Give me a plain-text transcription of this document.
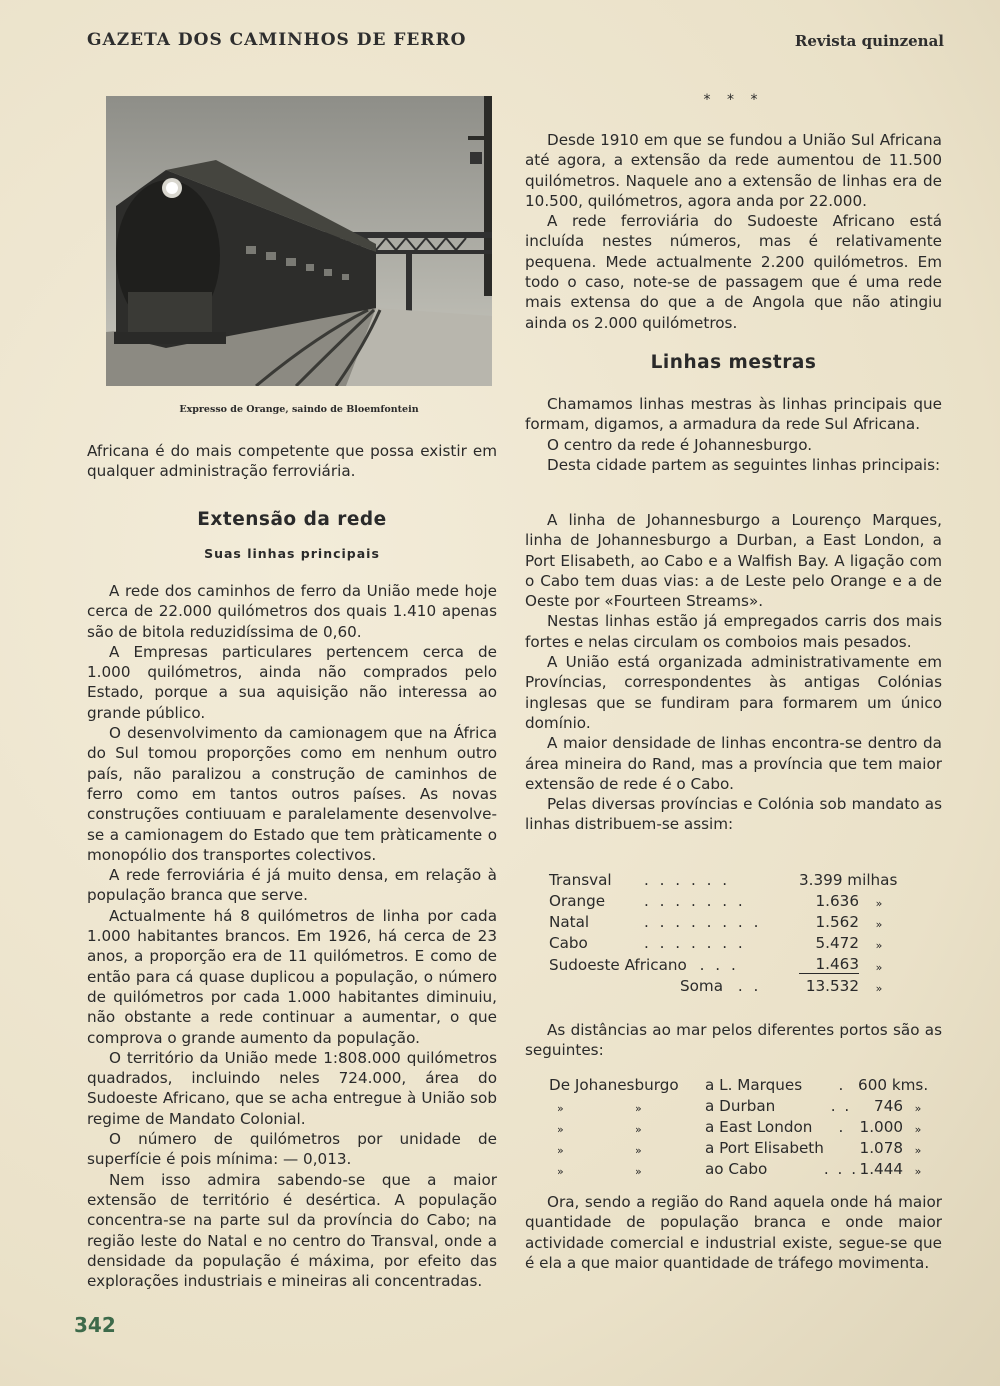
GAZETA DOS CAMINHOS DE FERRO	Revista quinzenal
Expresso de Orange, saindo de Bloemfontein

Africana é do mais competente que possa existir em qualquer administração ferroviária.

Extensão da rede
Suas linhas principais

A rede dos caminhos de ferro da União mede hoje cerca de 22.000 quilómetros dos quais 1.410 apenas são de bitola reduzidíssima de 0,60.

A Empresas particulares pertencem cerca de 1.000 quilómetros, ainda não comprados pelo Estado, porque a sua aquisição não interessa ao grande público.

O desenvolvimento da camionagem que na África do Sul tomou proporções como em nenhum outro país, não paralizou a construção de caminhos de ferro como em tantos outros países. As novas construções contiuuam e paralelamente desenvolve-se a camionagem do Estado que tem pràticamente o monopólio dos transportes colectivos.

A rede ferroviária é já muito densa, em relação à população branca que serve.

Actualmente há 8 quilómetros de linha por cada 1.000 habitantes brancos. Em 1926, há cerca de 23 anos, a proporção era de 11 quilómetros. E como de então para cá quase duplicou a população, o número de quilómetros por cada 1.000 habitantes diminuiu, não obstante a rede continuar a aumentar, o que comprova o grande aumento da população.

O território da União mede 1:808.000 quilómetros quadrados, incluindo neles 724.000, área do Sudoeste Africano, que se acha entregue à União sob regime de Mandato Colonial.

O número de quilómetros por unidade de superfície é pois mínima: — 0,013.

Nem isso admira sabendo-se que a maior extensão de território é desértica. A população concentra-se na parte sul da província do Cabo; na região leste do Natal e no centro do Transval, onde a densidade da população é máxima, por efeito das explorações industriais e mineiras ali concentradas.

* * *

Desde 1910 em que se fundou a União Sul Africana até agora, a extensão da rede aumentou de 11.500 quilómetros. Naquele ano a extensão de linhas era de 10.500, quilómetros, agora anda por 22.000.

A rede ferroviária do Sudoeste Africano está incluída nestes números, mas é relativamente pequena. Mede actualmente 2.200 quilómetros. Em todo o caso, note-se de passagem que é uma rede mais extensa do que a de Angola que não atingiu ainda os 2.000 quilómetros.

Linhas mestras

Chamamos linhas mestras às linhas principais que formam, digamos, a armadura da rede Sul Africana.

O centro da rede é Johannesburgo.

Desta cidade partem as seguintes linhas principais:

A linha de Johannesburgo a Lourenço Marques, linha de Johannesburgo a Durban, a East London, a Port Elisabeth, ao Cabo e a Walfish Bay. A ligação com o Cabo tem duas vias: a de Leste pelo Orange e a de Oeste por «Fourteen Streams».

Nestas linhas estão já empregados carris dos mais fortes e nelas circulam os comboios mais pesados.

A União está organizada administrativamente em Províncias, correspondentes às antigas Colónias inglesas que se fundiram para formarem um único domínio.

A maior densidade de linhas encontra-se dentro da área mineira do Rand, mas a província que tem maior extensão de rede é o Cabo.

Pelas diversas províncias e Colónia sob mandato as linhas distribuem-se assim:

Transval	. . . . . .	3.399 milhas	
Orange	. . . . . . .	1.636	»
Natal	. . . . . . . .	1.562	»
Cabo	. . . . . . .	5.472	»
Sudoeste Africano . . .		1.463	»
	Soma . .	13.532	»

As distâncias ao mar pelos diferentes portos são as seguintes:

De Johanesburgo		a L. Marques	.	600 kms.	
»	»	a Durban	. .	746	»
»	»	a East London	.	1.000	»
»	»	a Port Elisabeth		1.078	»
»	»	ao Cabo	. . .	1.444	»

Ora, sendo a região do Rand aquela onde há maior quantidade de população branca e onde maior actividade comercial e industrial existe, segue-se que é ela a que maior quantidade de tráfego movimenta.

342
